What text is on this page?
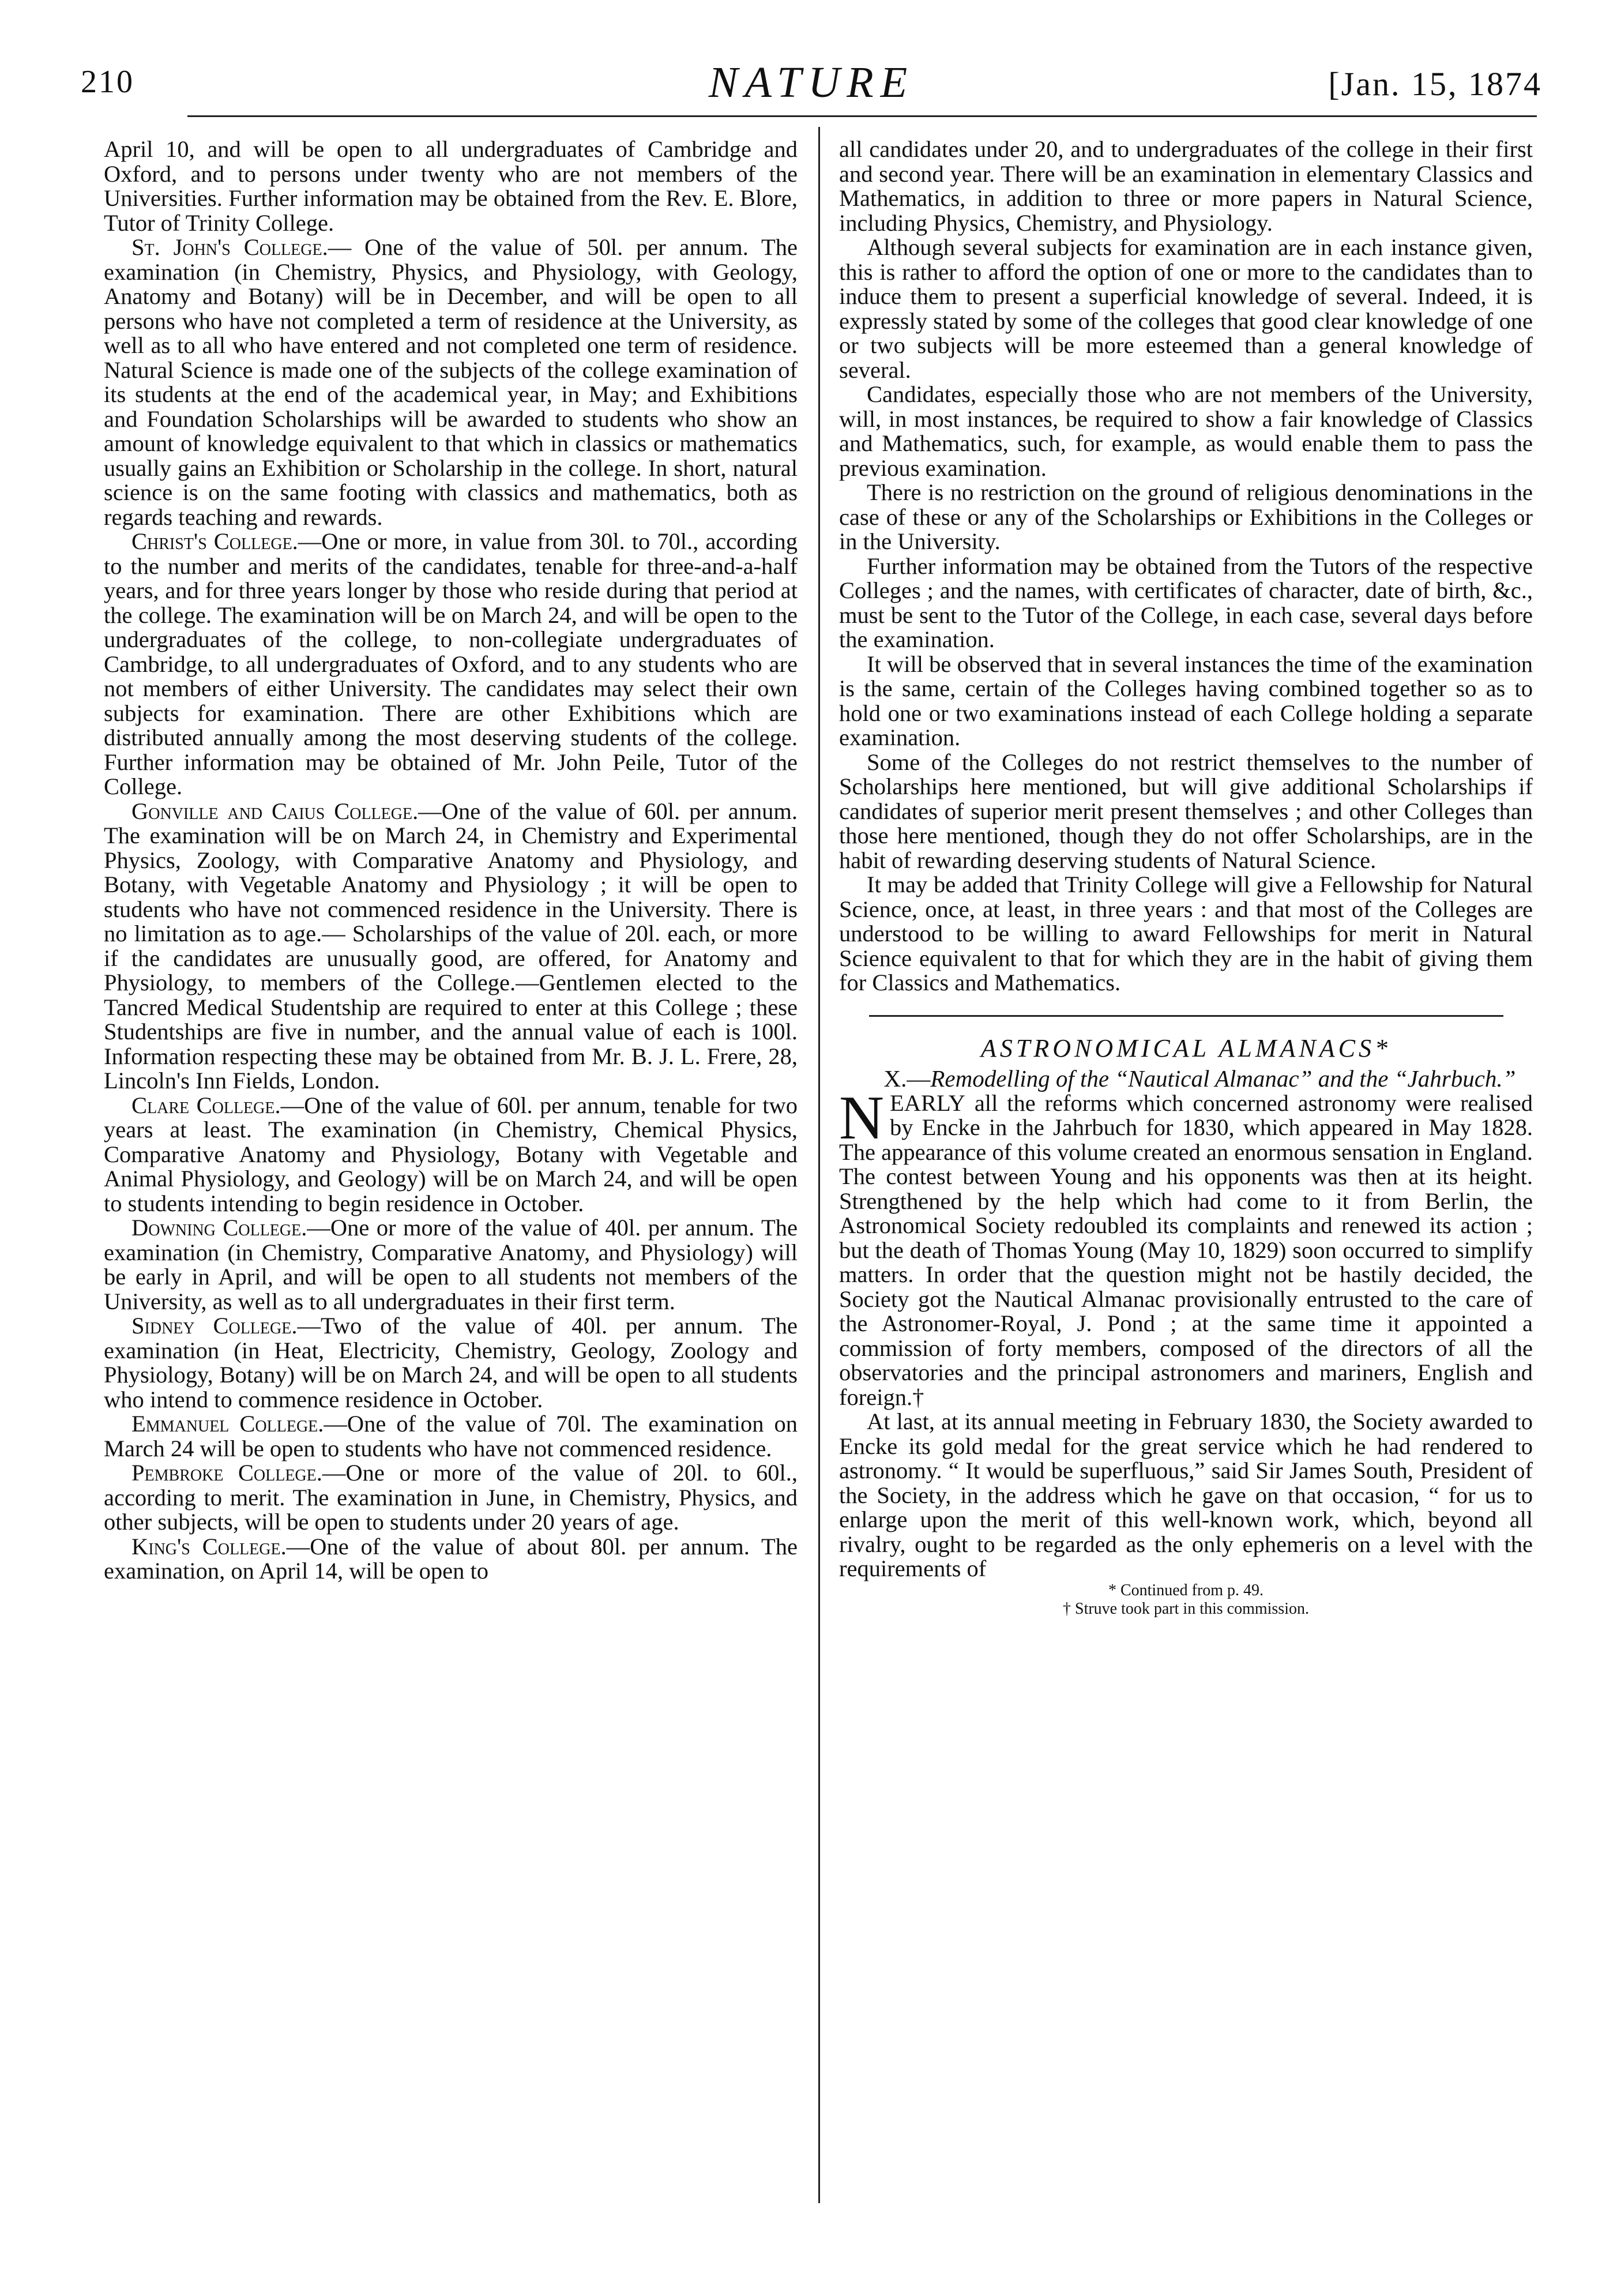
210	NATURE	[Jan. 15, 1874

April 10, and will be open to all undergraduates of Cambridge and Oxford, and to persons under twenty who are not members of the Universities. Further information may be obtained from the Rev. E. Blore, Tutor of Trinity College.

St. John's College.— One of the value of 50l. per annum. The examination (in Chemistry, Physics, and Physiology, with Geology, Anatomy and Botany) will be in December, and will be open to all persons who have not completed a term of residence at the University, as well as to all who have entered and not completed one term of residence. Natural Science is made one of the subjects of the college examination of its students at the end of the academical year, in May; and Exhibitions and Foundation Scholarships will be awarded to students who show an amount of knowledge equivalent to that which in classics or mathematics usually gains an Exhibition or Scholarship in the college. In short, natural science is on the same footing with classics and mathematics, both as regards teaching and rewards.

Christ's College.—One or more, in value from 30l. to 70l., according to the number and merits of the candidates, tenable for three-and-a-half years, and for three years longer by those who reside during that period at the college. The examination will be on March 24, and will be open to the undergraduates of the college, to non-collegiate undergraduates of Cambridge, to all undergraduates of Oxford, and to any students who are not members of either University. The candidates may select their own subjects for examination. There are other Exhibitions which are distributed annually among the most deserving students of the college. Further information may be obtained of Mr. John Peile, Tutor of the College.

Gonville and Caius College.—One of the value of 60l. per annum. The examination will be on March 24, in Chemistry and Experimental Physics, Zoology, with Comparative Anatomy and Physiology, and Botany, with Vegetable Anatomy and Physiology ; it will be open to students who have not commenced residence in the University. There is no limitation as to age.— Scholarships of the value of 20l. each, or more if the candidates are unusually good, are offered, for Anatomy and Physiology, to members of the College.—Gentlemen elected to the Tancred Medical Studentship are required to enter at this College ; these Studentships are five in number, and the annual value of each is 100l. Information respecting these may be obtained from Mr. B. J. L. Frere, 28, Lincoln's Inn Fields, London.

Clare College.—One of the value of 60l. per annum, tenable for two years at least. The examination (in Chemistry, Chemical Physics, Comparative Anatomy and Physiology, Botany with Vegetable and Animal Physiology, and Geology) will be on March 24, and will be open to students intending to begin residence in October.

Downing College.—One or more of the value of 40l. per annum. The examination (in Chemistry, Comparative Anatomy, and Physiology) will be early in April, and will be open to all students not members of the University, as well as to all undergraduates in their first term.

Sidney College.—Two of the value of 40l. per annum. The examination (in Heat, Electricity, Chemistry, Geology, Zoology and Physiology, Botany) will be on March 24, and will be open to all students who intend to commence residence in October.

Emmanuel College.—One of the value of 70l. The examination on March 24 will be open to students who have not commenced residence.

Pembroke College.—One or more of the value of 20l. to 60l., according to merit. The examination in June, in Chemistry, Physics, and other subjects, will be open to students under 20 years of age.

King's College.—One of the value of about 80l. per annum. The examination, on April 14, will be open to

all candidates under 20, and to undergraduates of the college in their first and second year. There will be an examination in elementary Classics and Mathematics, in addition to three or more papers in Natural Science, including Physics, Chemistry, and Physiology.

Although several subjects for examination are in each instance given, this is rather to afford the option of one or more to the candidates than to induce them to present a superficial knowledge of several. Indeed, it is expressly stated by some of the colleges that good clear knowledge of one or two subjects will be more esteemed than a general knowledge of several.

Candidates, especially those who are not members of the University, will, in most instances, be required to show a fair knowledge of Classics and Mathematics, such, for example, as would enable them to pass the previous examination.

There is no restriction on the ground of religious denominations in the case of these or any of the Scholarships or Exhibitions in the Colleges or in the University.

Further information may be obtained from the Tutors of the respective Colleges ; and the names, with certificates of character, date of birth, &c., must be sent to the Tutor of the College, in each case, several days before the examination.

It will be observed that in several instances the time of the examination is the same, certain of the Colleges having combined together so as to hold one or two examinations instead of each College holding a separate examination.

Some of the Colleges do not restrict themselves to the number of Scholarships here mentioned, but will give additional Scholarships if candidates of superior merit present themselves ; and other Colleges than those here mentioned, though they do not offer Scholarships, are in the habit of rewarding deserving students of Natural Science.

It may be added that Trinity College will give a Fellowship for Natural Science, once, at least, in three years : and that most of the Colleges are understood to be willing to award Fellowships for merit in Natural Science equivalent to that for which they are in the habit of giving them for Classics and Mathematics.

ASTRONOMICAL ALMANACS*

X.—Remodelling of the “Nautical Almanac” and the “Jahrbuch.”

NEARLY all the reforms which concerned astronomy were realised by Encke in the Jahrbuch for 1830, which appeared in May 1828. The appearance of this volume created an enormous sensation in England. The contest between Young and his opponents was then at its height. Strengthened by the help which had come to it from Berlin, the Astronomical Society redoubled its complaints and renewed its action ; but the death of Thomas Young (May 10, 1829) soon occurred to simplify matters. In order that the question might not be hastily decided, the Society got the Nautical Almanac provisionally entrusted to the care of the Astronomer-Royal, J. Pond ; at the same time it appointed a commission of forty members, composed of the directors of all the observatories and the principal astronomers and mariners, English and foreign.†

At last, at its annual meeting in February 1830, the Society awarded to Encke its gold medal for the great service which he had rendered to astronomy. “ It would be superfluous,” said Sir James South, President of the Society, in the address which he gave on that occasion, “ for us to enlarge upon the merit of this well-known work, which, beyond all rivalry, ought to be regarded as the only ephemeris on a level with the requirements of

* Continued from p. 49.
† Struve took part in this commission.
